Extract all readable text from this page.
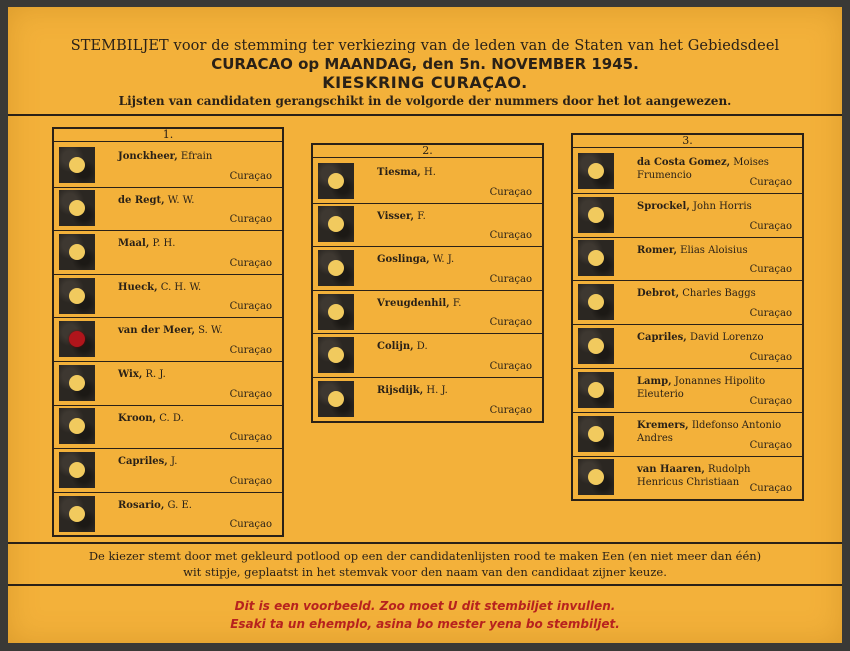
STEMBILJET voor de stemming ter verkiezing van de leden van de Staten van het Gebiedsdeel
CURACAO op MAANDAG, den 5n. NOVEMBER 1945.
KIESKRING CURAÇAO.
Lijsten van candidaten gerangschikt in de volgorde der nummers door het lot aangewezen.
1.
Jonckheer, Efrain
Curaçao
de Regt, W. W.
Curaçao
Maal, P. H.
Curaçao
Hueck, C. H. W.
Curaçao
van der Meer, S. W.
Curaçao
Wix, R. J.
Curaçao
Kroon, C. D.
Curaçao
Capriles, J.
Curaçao
Rosario, G. E.
Curaçao
2.
Tiesma, H.
Curaçao
Visser, F.
Curaçao
Goslinga, W. J.
Curaçao
Vreugdenhil, F.
Curaçao
Colijn, D.
Curaçao
Rijsdijk, H. J.
Curaçao
3.
da Costa Gomez, Moises
Frumencio
Curaçao
Sprockel, John Horris
Curaçao
Romer, Elias Aloisius
Curaçao
Debrot, Charles Baggs
Curaçao
Capriles, David Lorenzo
Curaçao
Lamp, Jonannes Hipolito
Eleuterio
Curaçao
Kremers, Ildefonso Antonio
Andres
Curaçao
van Haaren, Rudolph
Henricus Christiaan
Curaçao
De kiezer stemt door met gekleurd potlood op een der candidatenlijsten rood te maken Een (en niet meer dan één)
wit stipje, geplaatst in het stemvak voor den naam van den candidaat zijner keuze.
Dit is een voorbeeld. Zoo moet U dit stembiljet invullen.
Esaki ta un ehemplo, asina bo mester yena bo stembiljet.
